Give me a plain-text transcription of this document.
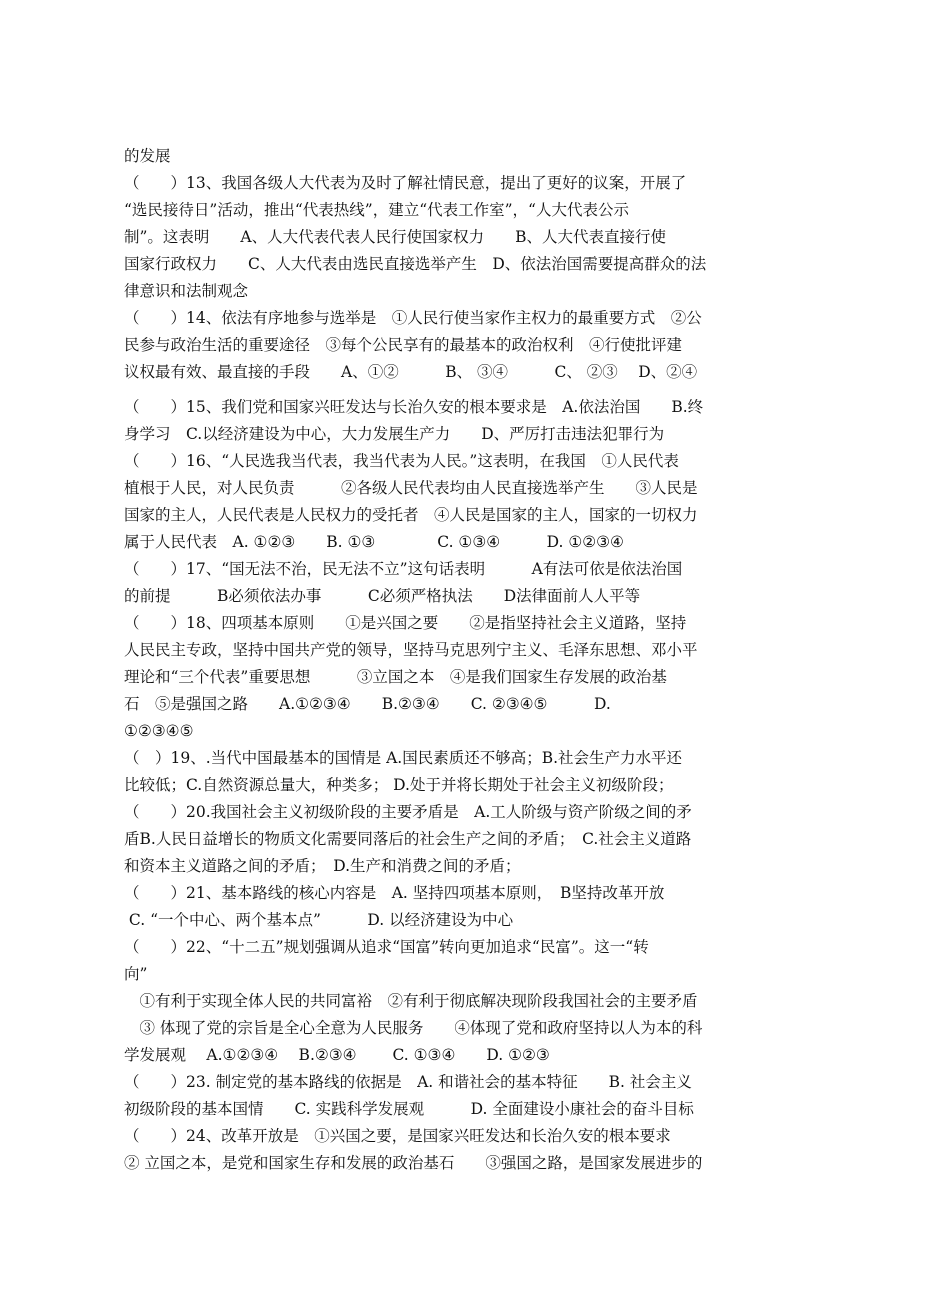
的发展
（　　）13、我国各级人大代表为及时了解社情民意，提出了更好的议案，开展了
“选民接待日”活动，推出“代表热线”，建立“代表工作室”，“人大代表公示
制”。这表明　　A、人大代表代表人民行使国家权力　　B、人大代表直接行使
国家行政权力　　C、人大代表由选民直接选举产生　D、依法治国需要提高群众的法
律意识和法制观念
（　　）14、依法有序地参与选举是　①人民行使当家作主权力的最重要方式　②公
民参与政治生活的重要途径　③每个公民享有的最基本的政治权利　④行使批评建
议权最有效、最直接的手段　　A、①②　　　B、 ③④　　　C、 ②③　 D、②④
（　　）15、我们党和国家兴旺发达与长治久安的根本要求是　A.依法治国　　B.终
身学习　C.以经济建设为中心，大力发展生产力　　D、严厉打击违法犯罪行为
（　　）16、“人民选我当代表，我当代表为人民。”这表明，在我国　①人民代表
植根于人民，对人民负责　　　②各级人民代表均由人民直接选举产生　　③人民是
国家的主人，人民代表是人民权力的受托者　④人民是国家的主人，国家的一切权力
属于人民代表　A. ①②③　　B. ①③　　　　C. ①③④　　　D. ①②③④
（　　）17、“国无法不治，民无法不立”这句话表明　　　A有法可依是依法治国
的前提　　　B必须依法办事　　　C必须严格执法　　D法律面前人人平等
（　　）18、四项基本原则　　①是兴国之要　　②是指坚持社会主义道路，坚持
人民民主专政，坚持中国共产党的领导，坚持马克思列宁主义、毛泽东思想、邓小平
理论和“三个代表”重要思想　　　③立国之本　④是我们国家生存发展的政治基
石　⑤是强国之路　　A.①②③④　　B.②③④　　C. ②③④⑤　　　D.
①②③④⑤
（　）19、.当代中国最基本的国情是 A.国民素质还不够高；B.社会生产力水平还
比较低；C.自然资源总量大，种类多； D.处于并将长期处于社会主义初级阶段；
（　　）20.我国社会主义初级阶段的主要矛盾是　A.工人阶级与资产阶级之间的矛
盾B.人民日益增长的物质文化需要同落后的社会生产之间的矛盾；　C.社会主义道路
和资本主义道路之间的矛盾；　D.生产和消费之间的矛盾；
（　　）21、基本路线的核心内容是　A. 坚持四项基本原则，　B坚持改革开放
C. “一个中心、两个基本点”　　　D. 以经济建设为中心
（　　）22、“十二五”规划强调从追求“国富”转向更加追求“民富”。这一“转
向”
　①有利于实现全体人民的共同富裕　②有利于彻底解决现阶段我国社会的主要矛盾
　③ 体现了党的宗旨是全心全意为人民服务　　④体现了党和政府坚持以人为本的科
学发展观　 A.①②③④　 B.②③④　　 C. ①③④　　D. ①②③
（　　）23. 制定党的基本路线的依据是　A. 和谐社会的基本特征　　B. 社会主义
初级阶段的基本国情　　C. 实践科学发展观　　　D. 全面建设小康社会的奋斗目标
（　　）24、改革开放是　①兴国之要，是国家兴旺发达和长治久安的根本要求
② 立国之本，是党和国家生存和发展的政治基石　　③强国之路，是国家发展进步的
